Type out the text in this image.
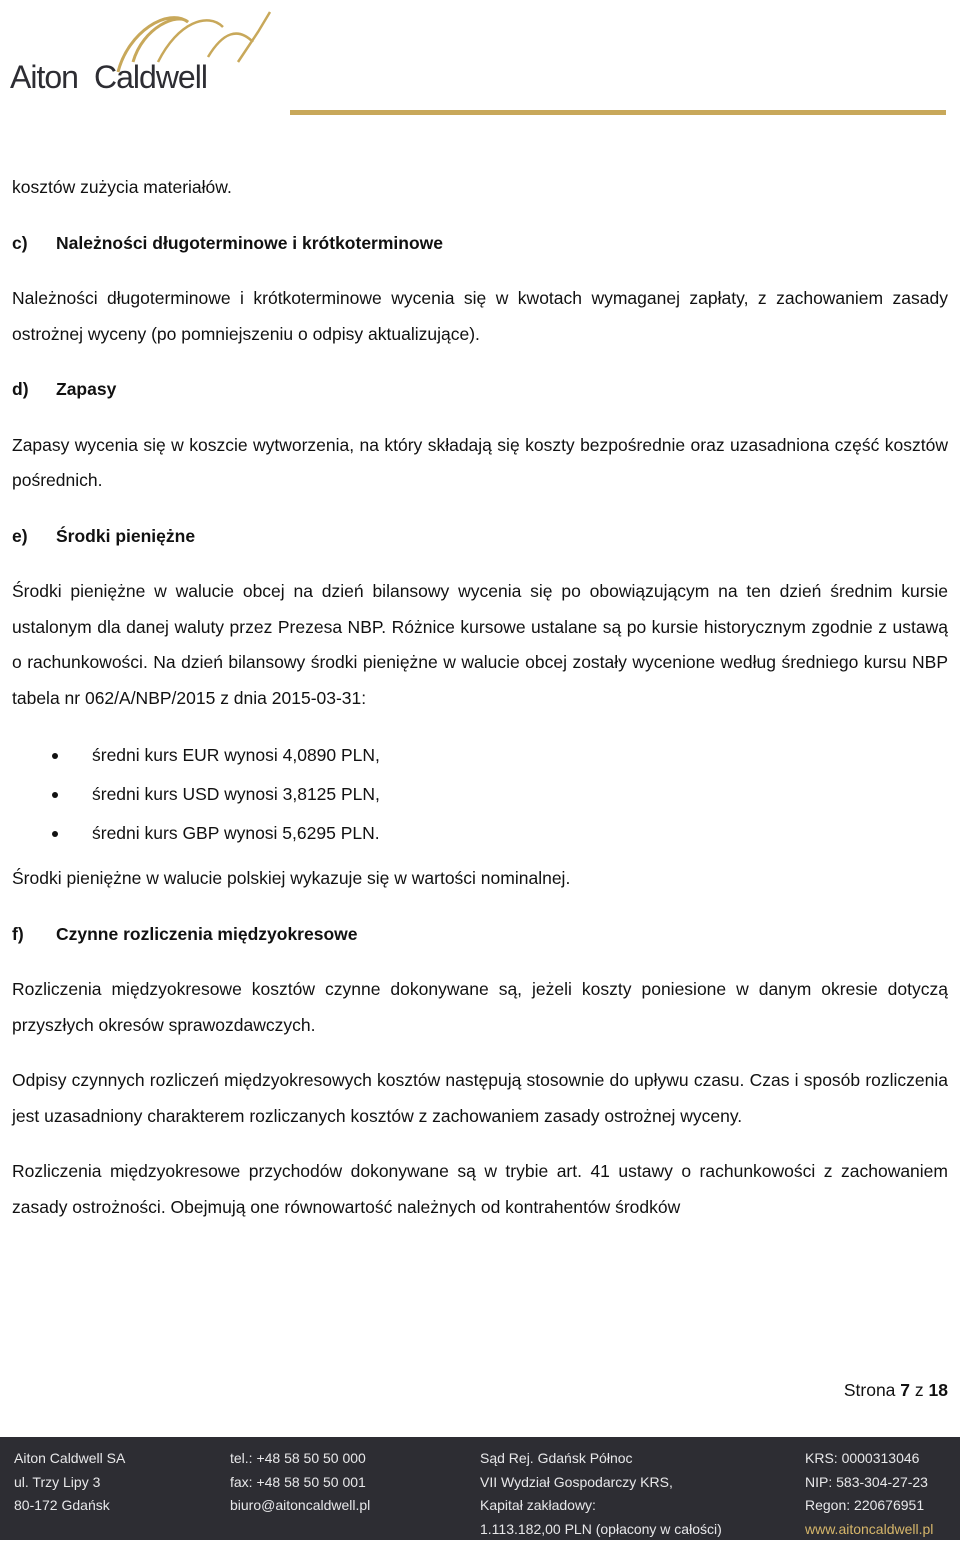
Aiton Caldwell

kosztów zużycia materiałów.

c)	Należności długoterminowe i krótkoterminowe

Należności długoterminowe i krótkoterminowe wycenia się w kwotach wymaganej zapłaty, z zachowaniem zasady ostrożnej wyceny (po pomniejszeniu o odpisy aktualizujące).

d)	Zapasy

Zapasy wycenia się w koszcie wytworzenia, na który składają się koszty bezpośrednie oraz uzasadniona część kosztów pośrednich.

e)	Środki pieniężne

Środki pieniężne w walucie obcej na dzień bilansowy wycenia się po obowiązującym na ten dzień średnim kursie ustalonym dla danej waluty przez Prezesa NBP. Różnice kursowe ustalane są po kursie historycznym zgodnie z ustawą o rachunkowości. Na dzień bilansowy środki pieniężne w walucie obcej zostały wycenione według średniego kursu NBP tabela nr 062/A/NBP/2015 z dnia 2015-03-31:

średni kurs EUR wynosi 4,0890 PLN,
średni kurs USD wynosi 3,8125 PLN,
średni kurs GBP wynosi 5,6295 PLN.

Środki pieniężne w walucie polskiej wykazuje się w wartości nominalnej.

f)	Czynne rozliczenia międzyokresowe

Rozliczenia międzyokresowe kosztów czynne dokonywane są, jeżeli koszty poniesione w danym okresie dotyczą przyszłych okresów sprawozdawczych.

Odpisy czynnych rozliczeń międzyokresowych kosztów następują stosownie do upływu czasu. Czas i sposób rozliczenia jest uzasadniony charakterem rozliczanych kosztów z zachowaniem zasady ostrożnej wyceny.

Rozliczenia międzyokresowe przychodów dokonywane są w trybie art. 41 ustawy o rachunkowości z zachowaniem zasady ostrożności. Obejmują one równowartość należnych od kontrahentów środków

Strona 7 z 18
Aiton Caldwell SA
ul. Trzy Lipy 3
80-172 Gdańsk
tel.: +48 58 50 50 000
fax: +48 58 50 50 001
biuro@aitoncaldwell.pl
Sąd Rej. Gdańsk Północ
VII Wydział Gospodarczy KRS,
Kapitał zakładowy:
1.113.182,00 PLN (opłacony w całości)
KRS: 0000313046
NIP: 583-304-27-23
Regon: 220676951
www.aitoncaldwell.pl
